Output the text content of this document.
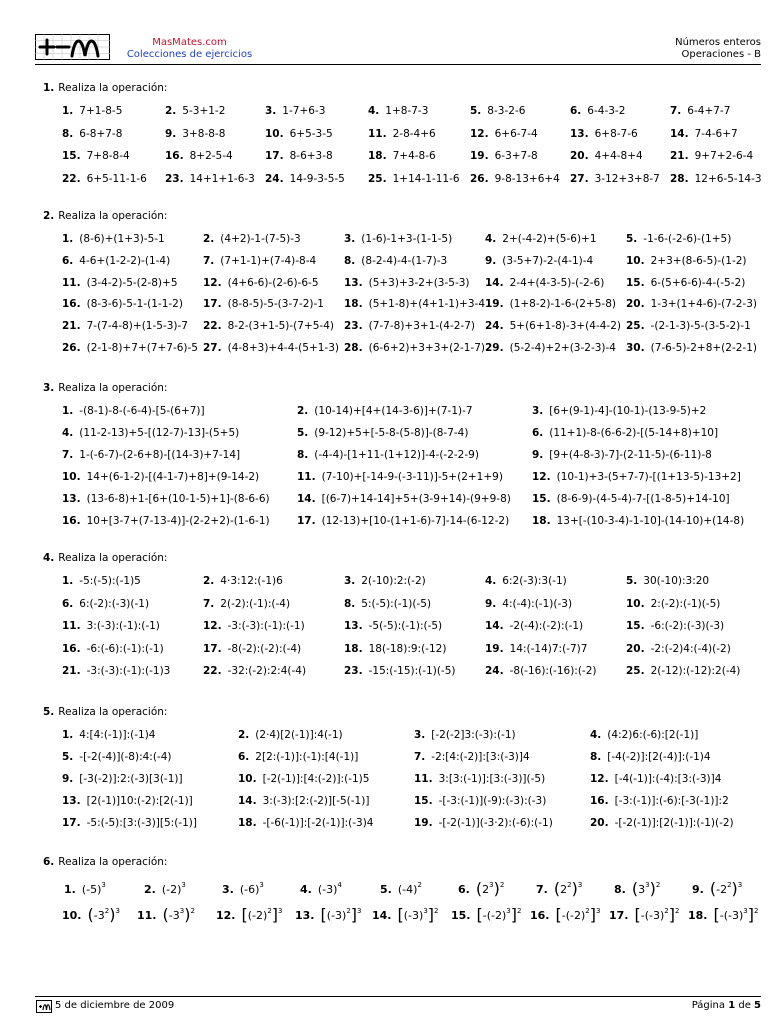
MasMates.com
Colecciones de ejercicios
Números enteros
Operaciones - B
1. Realiza la operación:
1. 7+1-8-5	2. 5-3+1-2	3. 1-7+6-3	4. 1+8-7-3	5. 8-3-2-6	6. 6-4-3-2	7. 6-4+7-7
8. 6-8+7-8	9. 3+8-8-8	10. 6+5-3-5	11. 2-8-4+6	12. 6+6-7-4	13. 6+8-7-6	14. 7-4-6+7
15. 7+8-8-4	16. 8+2-5-4	17. 8-6+3-8	18. 7+4-8-6	19. 6-3+7-8	20. 4+4-8+4	21. 9+7+2-6-4
22. 6+5-11-1-6 23. 14+1+1-6-3 24. 14-9-3-5-5 25. 1+14-1-11-6 26. 9-8-13+6+4 27. 3-12+3+8-7 28. 12+6-5-14-3
2. Realiza la operación:
1. (8-6)+(1+3)-5-1	2. (4+2)-1-(7-5)-3	3. (1-6)-1+3-(1-1-5)	4. 2+(-4-2)+(5-6)+1	5. -1-6-(-2-6)-(1+5)
6. 4-6+(1-2-2)-(1-4)	7. (7+1-1)+(7-4)-8-4	8. (8-2-4)-4-(1-7)-3	9. (3-5+7)-2-(4-1)-4	10. 2+3+(8-6-5)-(1-2)
11. (3-4-2)-5-(2-8)+5 12. (4+6-6)-(2-6)-6-5 13. (5+3)+3-2+(3-5-3) 14. 2-4+(4-3-5)-(-2-6) 15. 6-(5+6-6)-4-(-5-2)
16. (8-3-6)-5-1-(1-1-2) 17. (8-8-5)-5-(3-7-2)-1 18. (5+1-8)+(4+1-1)+3-4 19. (1+8-2)-1-6-(2+5-8) 20. 1-3+(1+4-6)-(7-2-3)
21. 7-(7-4-8)+(1-5-3)-7 22. 8-2-(3+1-5)-(7+5-4) 23. (7-7-8)+3+1-(4-2-7) 24. 5+(6+1-8)-3+(4-4-2) 25. -(2-1-3)-5-(3-5-2)-1
26. (2-1-8)+7+(7+7-6)-5 27. (4-8+3)+4-4-(5+1-3) 28. (6-6+2)+3+3+(2-1-7) 29. (5-2-4)+2+(3-2-3)-4 30. (7-6-5)-2+8+(2-2-1)
3. Realiza la operación:
1. -(8-1)-8-(-6-4)-[5-(6+7)]	2. (10-14)+[4+(14-3-6)]+(7-1)-7	3. [6+(9-1)-4]-(10-1)-(13-9-5)+2
4. (11-2-13)+5-[(12-7)-13]-(5+5)	5. (9-12)+5+[-5-8-(5-8)]-(8-7-4)	6. (11+1)-8-(6-6-2)-[(5-14+8)+10]
7. 1-(-6-7)-(2-6+8)-[(14-3)+7-14]	8. (-4-4)-[1+11-(1+12)]-4-(-2-2-9)	9. [9+(4-8-3)-7]-(2-11-5)-(6-11)-8
10. 14+(6-1-2)-[(4-1-7)+8]+(9-14-2)	11. (7-10)+[-14-9-(-3-11)]-5+(2+1+9)	12. (10-1)+3-(5+7-7)-[(1+13-5)-13+2]
13. (13-6-8)+1-[6+(10-1-5)+1]-(8-6-6)	14. [(6-7)+14-14]+5+(3-9+14)-(9+9-8) 15. (8-6-9)-(4-5-4)-7-[(1-8-5)+14-10]
16. 10+[3-7+(7-13-4)]-(2-2+2)-(1-6-1)	17. (12-13)+[10-(1+1-6)-7]-14-(6-12-2) 18. 13+[-(10-3-4)-1-10]-(14-10)+(14-8)
4. Realiza la operación:
1. -5:(-5):(-1)5	2. 4·3:12:(-1)6	3. 2(-10):2:(-2)	4. 6:2(-3):3(-1)	5. 30(-10):3:20
6. 6:(-2):(-3)(-1)	7. 2(-2):(-1):(-4)	8. 5:(-5):(-1)(-5)	9. 4:(-4):(-1)(-3)	10. 2:(-2):(-1)(-5)
11. 3:(-3):(-1):(-1)	12. -3:(-3):(-1):(-1)	13. -5(-5):(-1):(-5)	14. -2(-4):(-2):(-1)	15. -6:(-2):(-3)(-3)
16. -6:(-6):(-1):(-1)	17. -8(-2):(-2):(-4)	18. 18(-18):9:(-12)	19. 14:(-14)7:(-7)7	20. -2:(-2)4:(-4)(-2)
21. -3:(-3):(-1):(-1)3	22. -32:(-2):2:4(-4)	23. -15:(-15):(-1)(-5)	24. -8(-16):(-16):(-2)	25. 2(-12):(-12):2(-4)
5. Realiza la operación:
1. 4:[4:(-1)]:(-1)4	2. (2·4)[2(-1)]:4(-1)	3. [-2(-2]3:(-3):(-1)	4. (4:2)6:(-6):[2(-1)]
5. -[-2(-4)](-8):4:(-4)	6. 2[2:(-1)]:(-1):[4(-1)]	7. -2:[4:(-2)]:[3:(-3)]4	8. [-4(-2)]:[2(-4)]:(-1)4
9. [-3(-2)]:2:(-3)[3(-1)]	10. [-2(-1)]:[4:(-2)]:(-1)5	11. 3:[3:(-1)]:[3:(-3)](-5)	12. [-4(-1)]:(-4):[3:(-3)]4
13. [2(-1)]10:(-2):[2(-1)]	14. 3:(-3):[2:(-2)][-5(-1)]	15. -[-3:(-1)](-9):(-3):(-3)	16. [-3:(-1)]:(-6):[-3(-1)]:2
17. -5:(-5):[3:(-3)][5:(-1)]	18. -[-6(-1)]:[-2(-1)]:(-3)4	19. -[-2(-1)](-3·2):(-6):(-1)	20. -[-2(-1)]:[2(-1)]:(-1)(-2)
6. Realiza la operación:
1. $(-5)^3$	2. $(-2)^3$	3. $(-6)^3$	4. $(-3)^4$	5. $(-4)^2$	6. $(2^3)^2$	7. $(2^2)^3$	8. $(3^3)^2$	9. $(-2^2)^3$
10. $(-3^2)^3$ 11. $(-3^3)^2$ 12. $[(-2)^2]^3$ 13. $[(-3)^2]^3$ 14. $[(-3)^3]^2$ 15. $[-(-2)^3]^2$ 16. $[-(-2)^2]^3$ 17. $[-(-3)^2]^2$ 18. $[-(-3)^3]^2$
5 de diciembre de 2009	Página 1 de 5
